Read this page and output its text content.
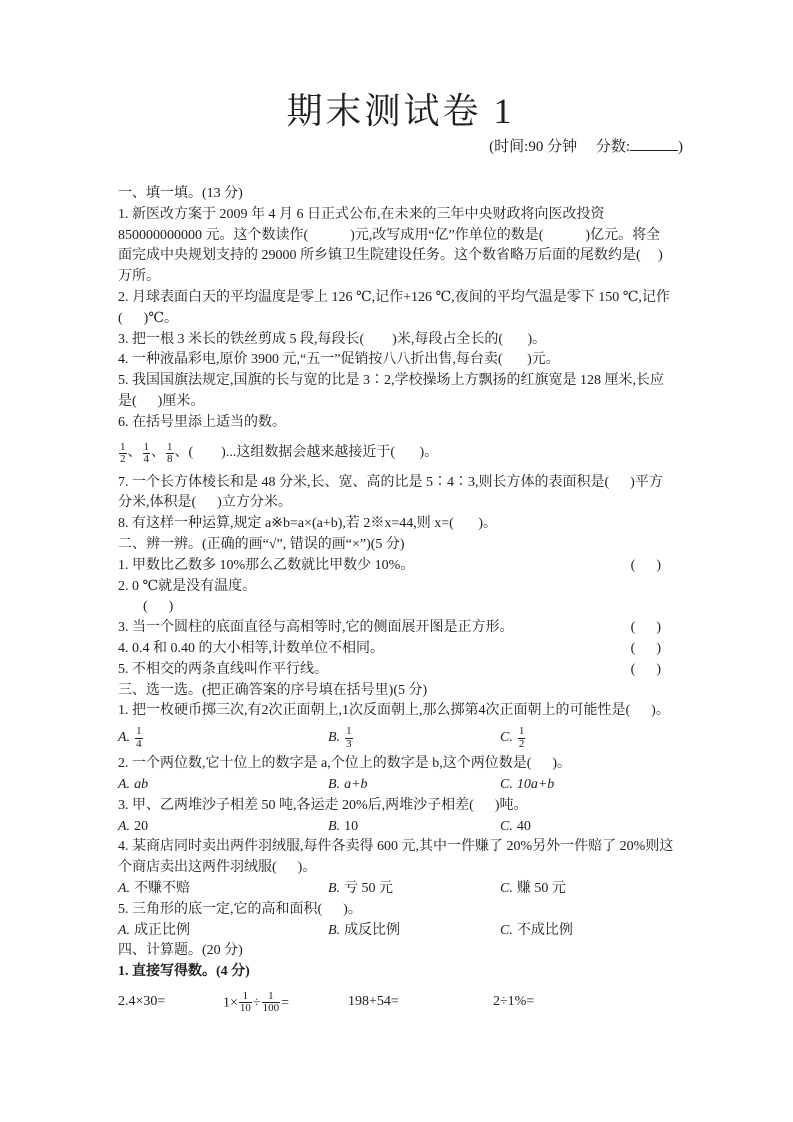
期末测试卷 1
(时间:90 分钟　 分数:	)

一、填一填。(13 分)

1. 新医改方案于 2009 年 4 月 6 日正式公布,在未来的三年中央财政将向医改投资

850000000000 元。这个数读作(            )元,改写成用“亿”作单位的数是(            )亿元。将全

面完成中央规划支持的 29000 所乡镇卫生院建设任务。这个数省略万后面的尾数约是(     )

万所。

2. 月球表面白天的平均温度是零上 126 ℃,记作+126 ℃,夜间的平均气温是零下 150 ℃,记作

(      )℃。

3. 把一根 3 米长的铁丝剪成 5 段,每段长(        )米,每段占全长的(       )。

4. 一种液晶彩电,原价 3900 元,“五一”促销按八八折出售,每台卖(       )元。

5. 我国国旗法规定,国旗的长与宽的比是 3∶2,学校操场上方飘扬的红旗宽是 128 厘米,长应

是(      )厘米。

6. 在括号里添上适当的数。

$\frac{1}{2}$ 、 $\frac{1}{4}$ 、 $\frac{1}{8}$ 、 (        )...这组数据会越来越接近于(       )。

7. 一个长方体棱长和是 48 分米,长、宽、高的比是 5∶4∶3,则长方体的表面积是(      )平方

分米,体积是(      )立方分米。

8. 有这样一种运算,规定 a※b=a×(a+b),若 2※x=44,则 x=(       )。

二、辨一辨。(正确的画“√”, 错误的画“×”)(5 分)

1. 甲数比乙数多 10%那么乙数就比甲数少 10%。	(      )

2. 0 ℃就是没有温度。

(      )

3. 当一个圆柱的底面直径与高相等时,它的侧面展开图是正方形。	(      )

4. 0.4 和 0.40 的大小相等,计数单位不相同。	(      )

5. 不相交的两条直线叫作平行线。	(      )

三、选一选。(把正确答案的序号填在括号里)(5 分)

1. 把一枚硬币掷三次,有2次正面朝上,1次反面朝上,那么掷第4次正面朝上的可能性是(      )。

A. $\frac{1}{4}$	B. $\frac{1}{3}$	C. $\frac{1}{2}$

2. 一个两位数,它十位上的数字是 a,个位上的数字是 b,这个两位数是(      )。

A. ab	B. a+b	C. 10a+b

3. 甲、乙两堆沙子相差 50 吨,各运走 20%后,两堆沙子相差(      )吨。

A. 20	B. 10	C. 40

4. 某商店同时卖出两件羽绒服,每件各卖得 600 元,其中一件赚了 20%另外一件赔了 20%则这

个商店卖出这两件羽绒服(      )。

A. 不赚不赔	B. 亏 50 元	C. 赚 50 元

5. 三角形的底一定,它的高和面积(      )。

A. 成正比例	B. 成反比例	C. 不成比例

四、计算题。(20 分)

1. 直接写得数。(4 分)

2.4×30=	$1\times \frac{1}{10} \div \frac{1}{100}$ =	198+54=	2÷1%=
